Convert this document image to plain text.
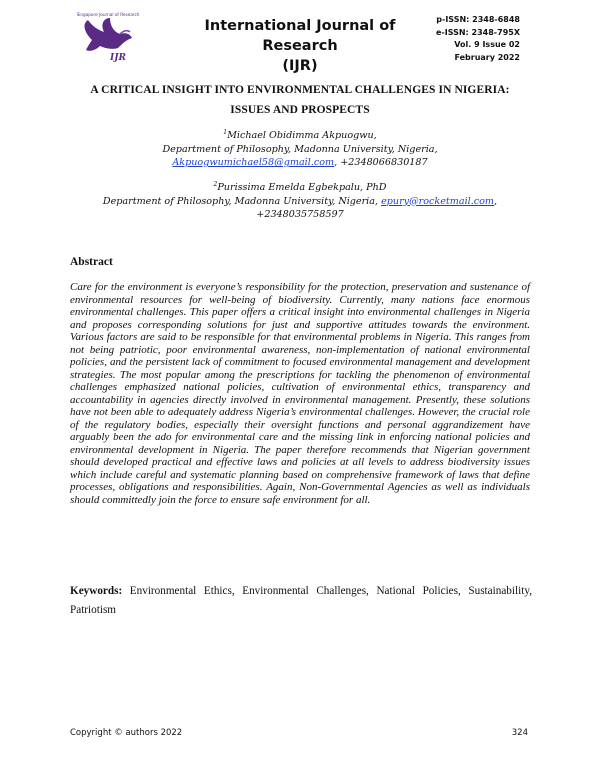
Singapore Journal of Research
IJR
International Journal of Research
(IJR)
p-ISSN: 2348-6848
e-ISSN: 2348-795X
Vol. 9 Issue 02
February 2022
A CRITICAL INSIGHT INTO ENVIRONMENTAL CHALLENGES IN NIGERIA:
ISSUES AND PROSPECTS
$^1$Michael Obidimma Akpuogwu,
Department of Philosophy, Madonna University, Nigeria,
Akpuogwumichael58@gmail.com, +2348066830187
$^2$Purissima Emelda Egbekpalu, PhD
Department of Philosophy, Madonna University, Nigeria, epury@rocketmail.com,
+2348035758597
Abstract
Care for the environment is everyone’s responsibility for the protection, preservation and sustenance of environmental resources for well-being of biodiversity. Currently, many nations face enormous environmental challenges. This paper offers a critical insight into environmental challenges in Nigeria and proposes corresponding solutions for just and supportive attitudes towards the environment. Various factors are said to be responsible for that environmental problems in Nigeria. This ranges from not being patriotic, poor environmental awareness, non-implementation of national environmental policies, and the persistent lack of commitment to focused environmental management and development strategies. The most popular among the prescriptions for tackling the phenomenon of environmental challenges emphasized national policies, cultivation of environmental ethics, transparency and accountability in agencies directly involved in environmental management. Presently, these solutions have not been able to adequately address Nigeria’s environmental challenges. However, the crucial role of the regulatory bodies, especially their oversight functions and personal aggrandizement have arguably been the ado for environmental care and the missing link in enforcing national policies and environmental development in Nigeria. The paper therefore recommends that Nigerian government should developed practical and effective laws and policies at all levels to address biodiversity issues which include careful and systematic planning based on comprehensive framework of laws that define processes, obligations and responsibilities. Again, Non-Governmental Agencies as well as individuals should committedly join the force to ensure safe environment for all.
Keywords: Environmental Ethics, Environmental Challenges, National Policies, Sustainability, Patriotism
Copyright © authors 2022	324
